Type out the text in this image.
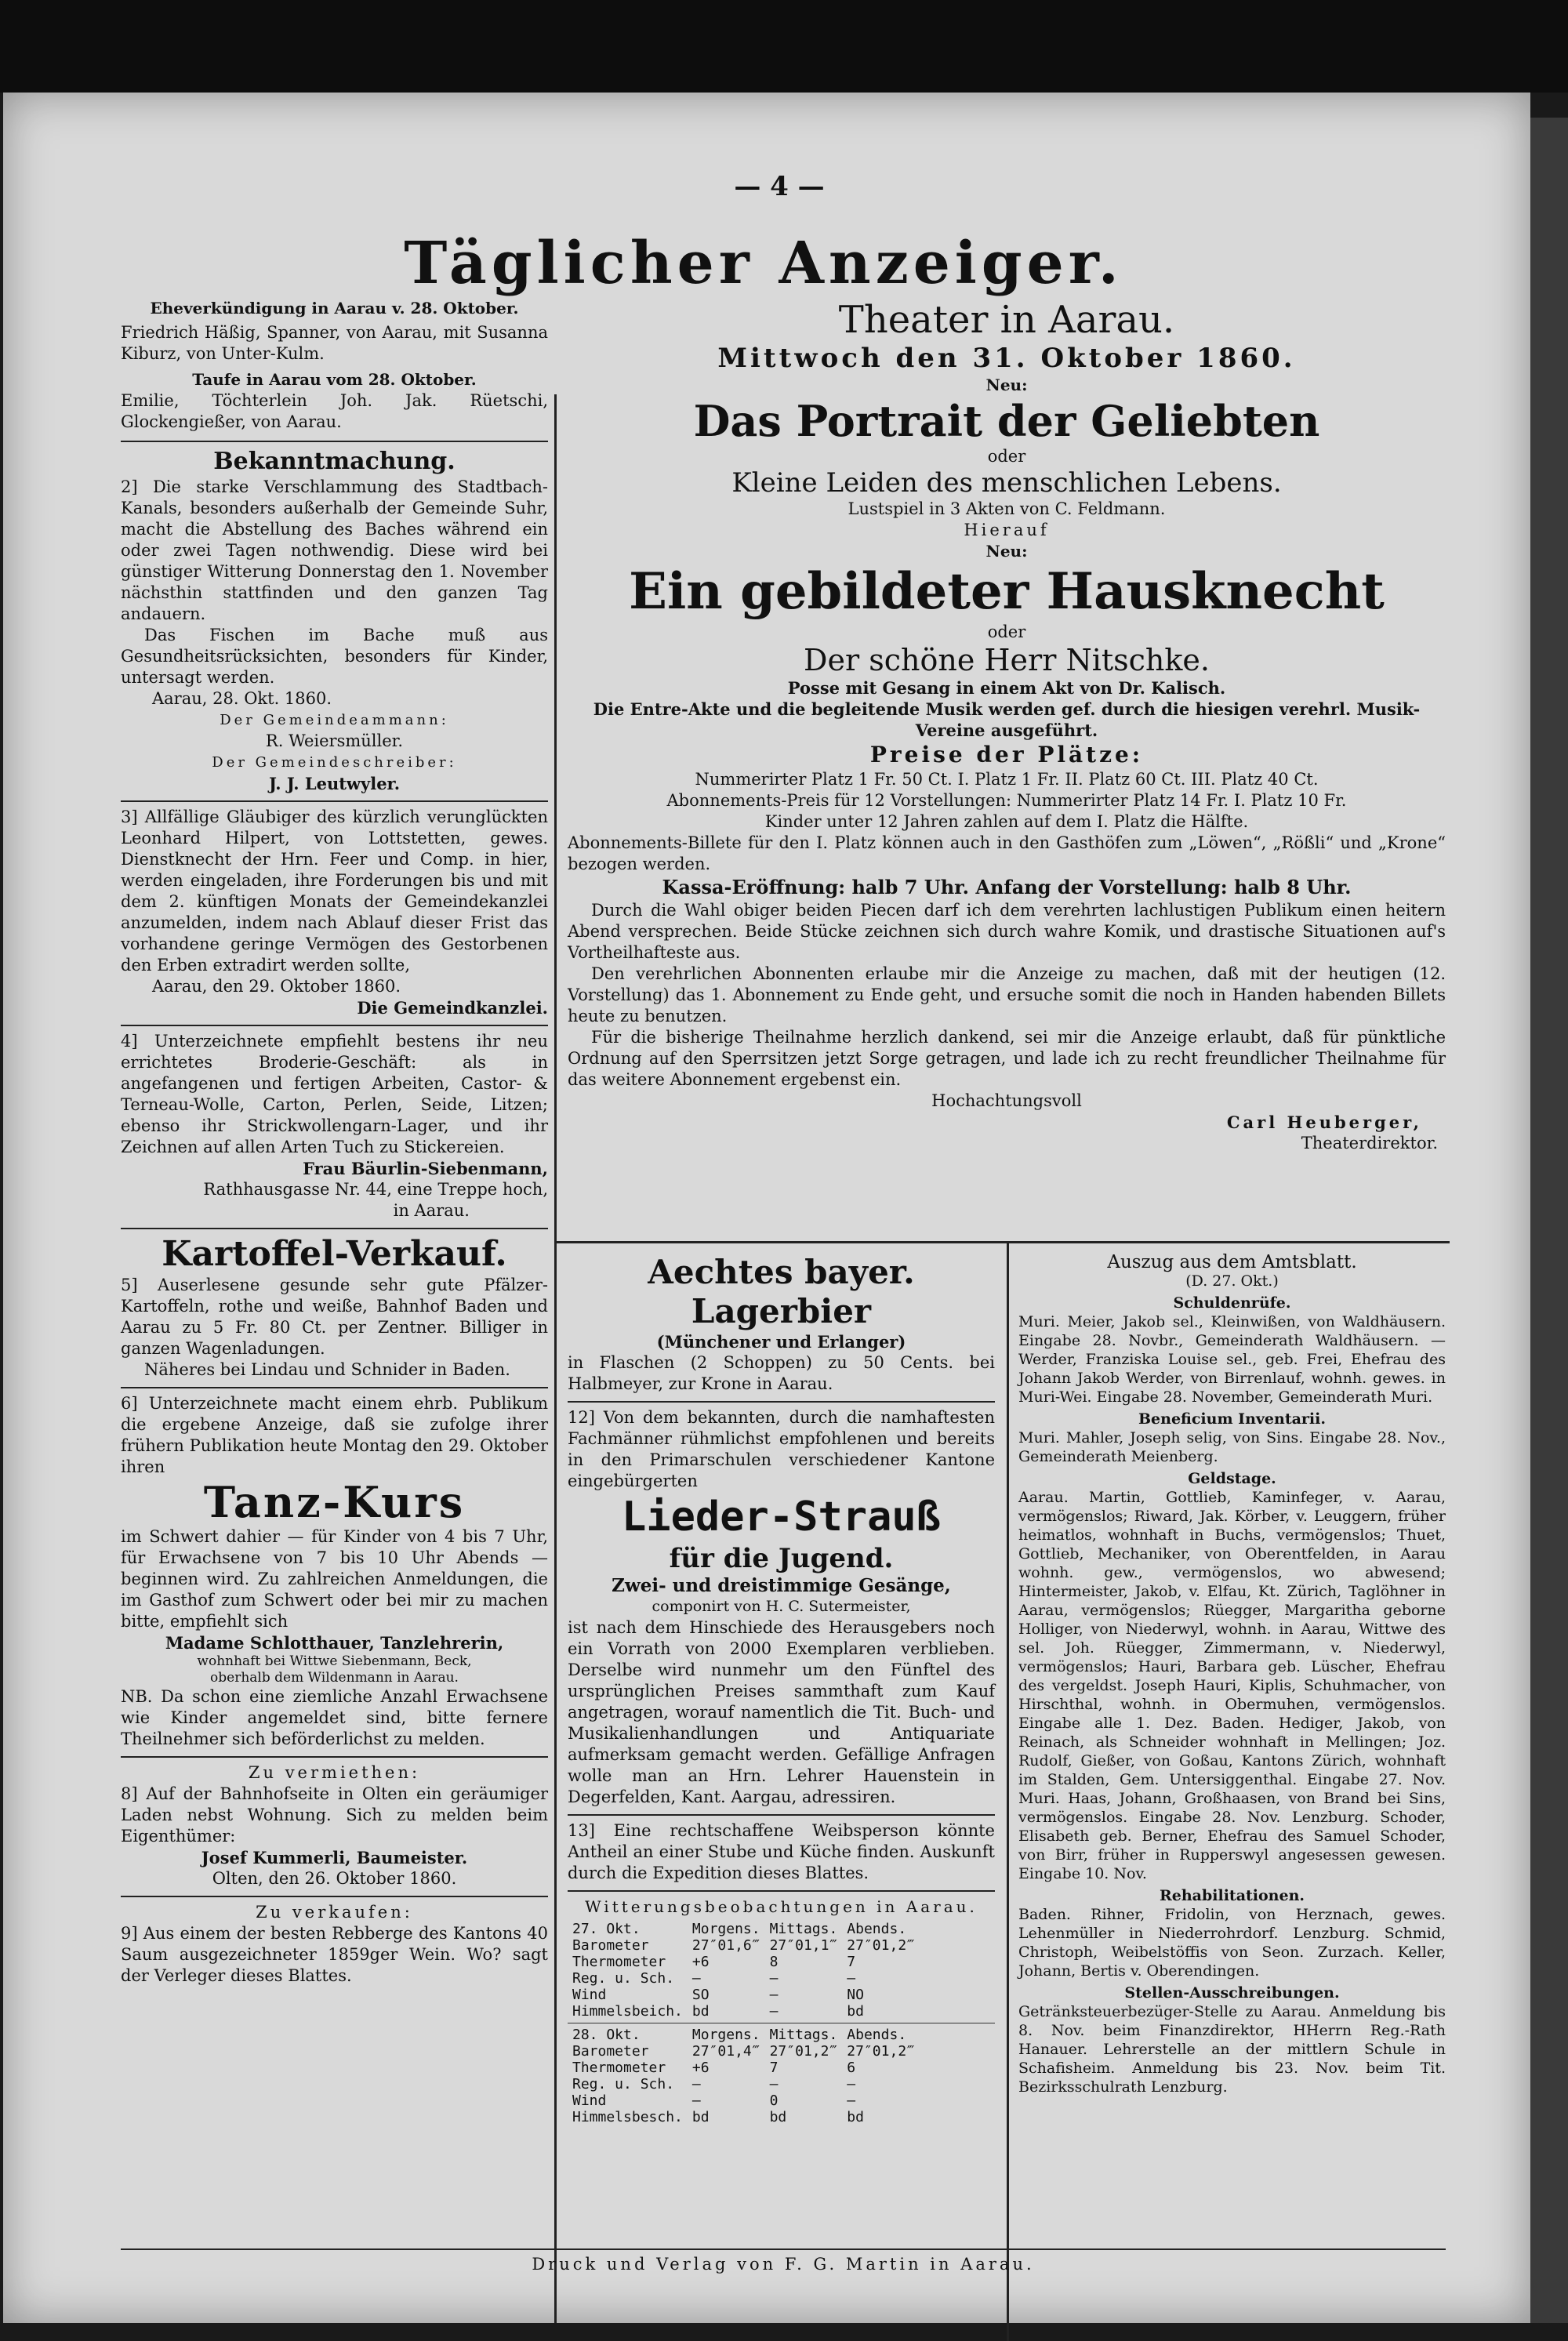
— 4 —
Täglicher Anzeiger.
Eheverkündigung in Aarau v. 28. Oktober.

Friedrich Häßig, Spanner, von Aarau, mit Susanna Kiburz, von Unter-Kulm.

Taufe in Aarau vom 28. Oktober.

Emilie, Töchterlein Joh. Jak. Rüetschi, Glockengießer, von Aarau.

Bekanntmachung.

2] Die starke Verschlammung des Stadtbach-Kanals, besonders außerhalb der Gemeinde Suhr, macht die Abstellung des Baches während ein oder zwei Tagen nothwendig. Diese wird bei günstiger Witterung Donnerstag den 1. November nächsthin stattfinden und den ganzen Tag andauern.

Das Fischen im Bache muß aus Gesundheitsrücksichten, besonders für Kinder, untersagt werden.

Aarau, 28. Okt. 1860.

Der Gemeindeammann:

R. Weiersmüller.

Der Gemeindeschreiber:

J. J. Leutwyler.

3] Allfällige Gläubiger des kürzlich verunglückten Leonhard Hilpert, von Lottstetten, gewes. Dienstknecht der Hrn. Feer und Comp. in hier, werden eingeladen, ihre Forderungen bis und mit dem 2. künftigen Monats der Gemeindekanzlei anzumelden, indem nach Ablauf dieser Frist das vorhandene geringe Vermögen des Gestorbenen den Erben extradirt werden sollte,

Aarau, den 29. Oktober 1860.

Die Gemeindkanzlei.

4] Unterzeichnete empfiehlt bestens ihr neu errichtetes Broderie-Geschäft: als in angefangenen und fertigen Arbeiten, Castor- & Terneau-Wolle, Carton, Perlen, Seide, Litzen; ebenso ihr Strickwollengarn-Lager, und ihr Zeichnen auf allen Arten Tuch zu Stickereien.

Frau Bäurlin-Siebenmann,

Rathhausgasse Nr. 44, eine Treppe hoch,

in Aarau.

Kartoffel-Verkauf.

5] Auserlesene gesunde sehr gute Pfälzer-Kartoffeln, rothe und weiße, Bahnhof Baden und Aarau zu 5 Fr. 80 Ct. per Zentner. Billiger in ganzen Wagenladungen.

Näheres bei Lindau und Schnider in Baden.

6] Unterzeichnete macht einem ehrb. Publikum die ergebene Anzeige, daß sie zufolge ihrer frühern Publikation heute Montag den 29. Oktober ihren

Tanz-Kurs

im Schwert dahier — für Kinder von 4 bis 7 Uhr, für Erwachsene von 7 bis 10 Uhr Abends — beginnen wird. Zu zahlreichen Anmeldungen, die im Gasthof zum Schwert oder bei mir zu machen bitte, empfiehlt sich

Madame Schlotthauer, Tanzlehrerin,

wohnhaft bei Wittwe Siebenmann, Beck,

oberhalb dem Wildenmann in Aarau.

NB. Da schon eine ziemliche Anzahl Erwachsene wie Kinder angemeldet sind, bitte fernere Theilnehmer sich beförderlichst zu melden.

Zu vermiethen:

8] Auf der Bahnhofseite in Olten ein geräumiger Laden nebst Wohnung. Sich zu melden beim Eigenthümer:

Josef Kummerli, Baumeister.

Olten, den 26. Oktober 1860.

Zu verkaufen:

9] Aus einem der besten Rebberge des Kantons 40 Saum ausgezeichneter 1859ger Wein. Wo? sagt der Verleger dieses Blattes.

Theater in Aarau.
Mittwoch den 31. Oktober 1860.
Neu:
Das Portrait der Geliebten
oder
Kleine Leiden des menschlichen Lebens.
Lustspiel in 3 Akten von C. Feldmann.
Hierauf
Neu:
Ein gebildeter Hausknecht
oder
Der schöne Herr Nitschke.
Posse mit Gesang in einem Akt von Dr. Kalisch.
Die Entre-Akte und die begleitende Musik werden gef. durch die hiesigen verehrl. Musik-Vereine ausgeführt.
Preise der Plätze:
Nummerirter Platz 1 Fr. 50 Ct. I. Platz 1 Fr. II. Platz 60 Ct. III. Platz 40 Ct.
Abonnements-Preis für 12 Vorstellungen: Nummerirter Platz 14 Fr. I. Platz 10 Fr.
Kinder unter 12 Jahren zahlen auf dem I. Platz die Hälfte.
Abonnements-Billete für den I. Platz können auch in den Gasthöfen zum „Löwen“, „Rößli“ und „Krone“ bezogen werden.
Kassa-Eröffnung: halb 7 Uhr. Anfang der Vorstellung: halb 8 Uhr.
Durch die Wahl obiger beiden Piecen darf ich dem verehrten lachlustigen Publikum einen heitern Abend versprechen. Beide Stücke zeichnen sich durch wahre Komik, und drastische Situationen auf's Vortheilhafteste aus.
Den verehrlichen Abonnenten erlaube mir die Anzeige zu machen, daß mit der heutigen (12. Vorstellung) das 1. Abonnement zu Ende geht, und ersuche somit die noch in Handen habenden Billets heute zu benutzen.
Für die bisherige Theilnahme herzlich dankend, sei mir die Anzeige erlaubt, daß für pünktliche Ordnung auf den Sperrsitzen jetzt Sorge getragen, und lade ich zu recht freundlicher Theilnahme für das weitere Abonnement ergebenst ein.
Hochachtungsvoll
Carl Heuberger,
Theaterdirektor.
Aechtes bayer. Lagerbier
(Münchener und Erlanger)

in Flaschen (2 Schoppen) zu 50 Cents. bei Halbmeyer, zur Krone in Aarau.

12] Von dem bekannten, durch die namhaftesten Fachmänner rühmlichst empfohlenen und bereits in den Primarschulen verschiedener Kantone eingebürgerten

Lieder-Strauß
für die Jugend.
Zwei- und dreistimmige Gesänge,
componirt von H. C. Sutermeister,

ist nach dem Hinschiede des Herausgebers noch ein Vorrath von 2000 Exemplaren verblieben. Derselbe wird nunmehr um den Fünftel des ursprünglichen Preises sammthaft zum Kauf angetragen, worauf namentlich die Tit. Buch- und Musikalienhandlungen und Antiquariate aufmerksam gemacht werden. Gefällige Anfragen wolle man an Hrn. Lehrer Hauenstein in Degerfelden, Kant. Aargau, adressiren.

13] Eine rechtschaffene Weibsperson könnte Antheil an einer Stube und Küche finden. Auskunft durch die Expedition dieses Blattes.

Witterungsbeobachtungen in Aarau.
27. Okt.	Morgens.	Mittags.	Abends.
Barometer	27″01,6‴	27″01,1‴	27″01,2‴
Thermometer	+6	8	7
Reg. u. Sch.	—	—	—
Wind	SO	—	NO
Himmelsbeich.	bd	—	bd
28. Okt.	Morgens.	Mittags.	Abends.
Barometer	27″01,4‴	27″01,2‴	27″01,2‴
Thermometer	+6	7	6
Reg. u. Sch.	—	—	—
Wind	—	0	—
Himmelsbesch.	bd	bd	bd
Auszug aus dem Amtsblatt.
(D. 27. Okt.)
Schuldenrüfe.
Muri. Meier, Jakob sel., Kleinwißen, von Waldhäusern. Eingabe 28. Novbr., Gemeinderath Waldhäusern. — Werder, Franziska Louise sel., geb. Frei, Ehefrau des Johann Jakob Werder, von Birrenlauf, wohnh. gewes. in Muri-Wei. Eingabe 28. November, Gemeinderath Muri.
Beneficium Inventarii.
Muri. Mahler, Joseph selig, von Sins. Eingabe 28. Nov., Gemeinderath Meienberg.
Geldstage.
Aarau. Martin, Gottlieb, Kaminfeger, v. Aarau, vermögenslos; Riward, Jak. Körber, v. Leuggern, früher heimatlos, wohnhaft in Buchs, vermögenslos; Thuet, Gottlieb, Mechaniker, von Oberentfelden, in Aarau wohnh. gew., vermögenslos, wo abwesend; Hintermeister, Jakob, v. Elfau, Kt. Zürich, Taglöhner in Aarau, vermögenslos; Rüegger, Margaritha geborne Holliger, von Niederwyl, wohnh. in Aarau, Wittwe des sel. Joh. Rüegger, Zimmermann, v. Niederwyl, vermögenslos; Hauri, Barbara geb. Lüscher, Ehefrau des vergeldst. Joseph Hauri, Kiplis, Schuhmacher, von Hirschthal, wohnh. in Obermuhen, vermögenslos. Eingabe alle 1. Dez. Baden. Hediger, Jakob, von Reinach, als Schneider wohnhaft in Mellingen; Joz. Rudolf, Gießer, von Goßau, Kantons Zürich, wohnhaft im Stalden, Gem. Untersiggenthal. Eingabe 27. Nov. Muri. Haas, Johann, Großhaasen, von Brand bei Sins, vermögenslos. Eingabe 28. Nov. Lenzburg. Schoder, Elisabeth geb. Berner, Ehefrau des Samuel Schoder, von Birr, früher in Rupperswyl angesessen gewesen. Eingabe 10. Nov.
Rehabilitationen.
Baden. Rihner, Fridolin, von Herznach, gewes. Lehenmüller in Niederrohrdorf. Lenzburg. Schmid, Christoph, Weibelstöffis von Seon. Zurzach. Keller, Johann, Bertis v. Oberendingen.
Stellen-Ausschreibungen.
Getränksteuerbezüger-Stelle zu Aarau. Anmeldung bis 8. Nov. beim Finanzdirektor, HHerrn Reg.-Rath Hanauer. Lehrerstelle an der mittlern Schule in Schafisheim. Anmeldung bis 23. Nov. beim Tit. Bezirksschulrath Lenzburg.
Druck und Verlag von F. G. Martin in Aarau.
